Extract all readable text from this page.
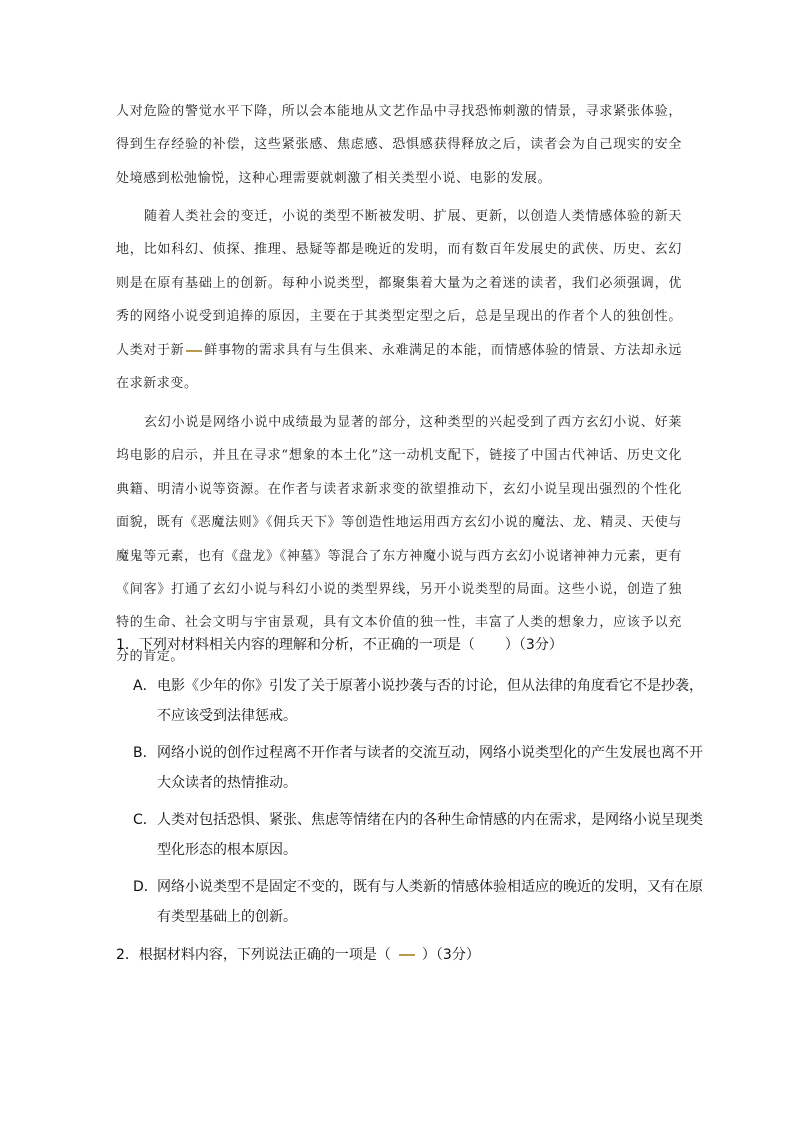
人对危险的警觉水平下降，所以会本能地从文艺作品中寻找恐怖刺激的情景，寻求紧张体验，得到生存经验的补偿，这些紧张感、焦虑感、恐惧感获得释放之后，读者会为自己现实的安全处境感到松弛愉悦，这种心理需要就刺激了相关类型小说、电影的发展。

随着人类社会的变迁，小说的类型不断被发明、扩展、更新，以创造人类情感体验的新天地，比如科幻、侦探、推理、悬疑等都是晚近的发明，而有数百年发展史的武侠、历史、玄幻则是在原有基础上的创新。每种小说类型，都聚集着大量为之着迷的读者，我们必须强调，优秀的网络小说受到追捧的原因，主要在于其类型定型之后，总是呈现出的作者个人的独创性。人类对于新 鲜事物的需求具有与生俱来、永难满足的本能，而情感体验的情景、方法却永远在求新求变。

玄幻小说是网络小说中成绩最为显著的部分，这种类型的兴起受到了西方玄幻小说、好莱坞电影的启示，并且在寻求“想象的本土化”这一动机支配下，链接了中国古代神话、历史文化典籍、明清小说等资源。在作者与读者求新求变的欲望推动下，玄幻小说呈现出强烈的个性化面貌，既有《恶魔法则》《佣兵天下》等创造性地运用西方玄幻小说的魔法、龙、精灵、天使与魔鬼等元素，也有《盘龙》《神墓》等混合了东方神魔小说与西方玄幻小说诸神神力元素，更有《间客》打通了玄幻小说与科幻小说的类型界线，另开小说类型的局面。这些小说，创造了独特的生命、社会文明与宇宙景观，具有文本价值的独一性，丰富了人类的想象力，应该予以充分的肯定。

1．下列对材料相关内容的理解和分析，不正确的一项是（ ）（3分）

A．电影《少年的你》引发了关于原著小说抄袭与否的讨论，但从法律的角度看它不是抄袭，不应该受到法律惩戒。

B．网络小说的创作过程离不开作者与读者的交流互动，网络小说类型化的产生发展也离不开大众读者的热情推动。

C．人类对包括恐惧、紧张、焦虑等情绪在内的各种生命情感的内在需求，是网络小说呈现类型化形态的根本原因。

D．网络小说类型不是固定不变的，既有与人类新的情感体验相适应的晚近的发明，又有在原有类型基础上的创新。

2．根据材料内容，下列说法正确的一项是（ ）（3分）
